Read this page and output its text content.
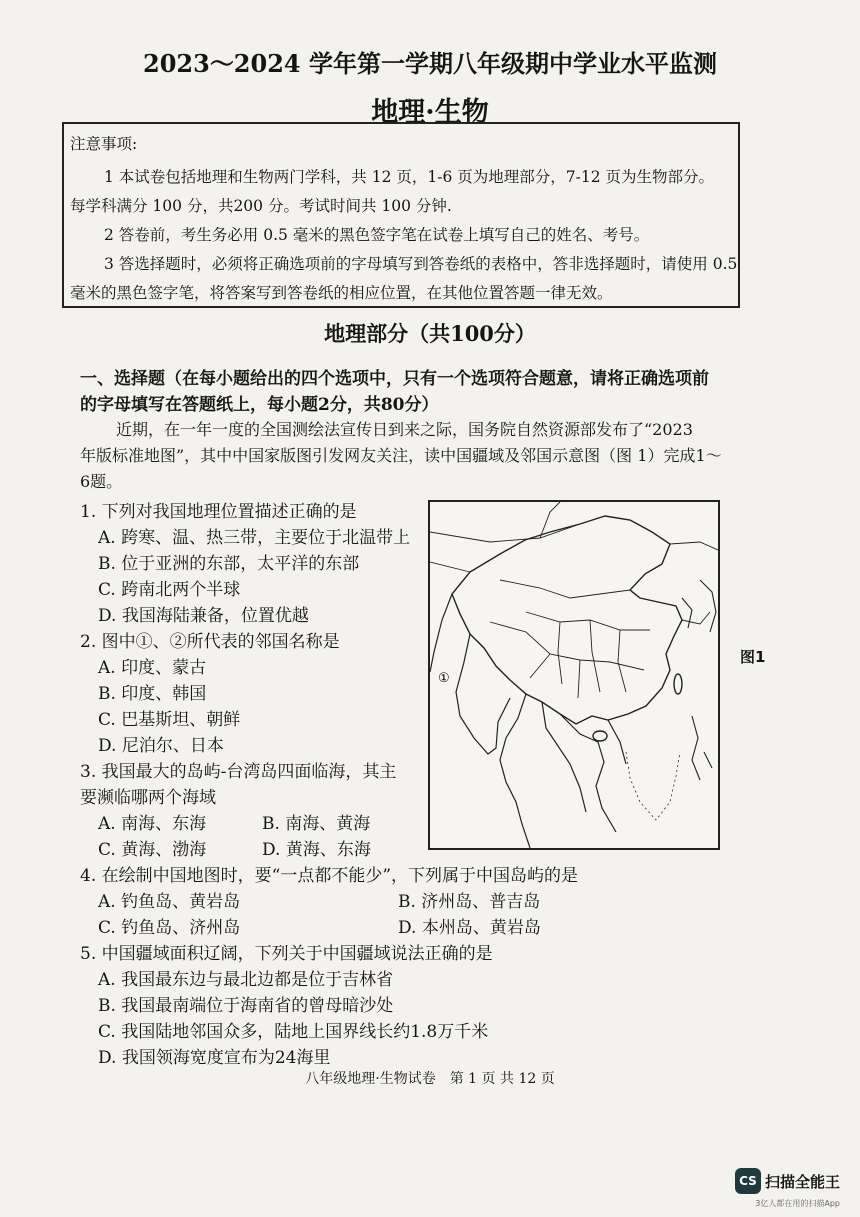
2023～2024 学年第一学期八年级期中学业水平监测
地理·生物
注意事项:
1 本试卷包括地理和生物两门学科，共 12 页，1-6 页为地理部分，7-12 页为生物部分。
每学科满分 100 分，共200 分。考试时间共 100 分钟.
2 答卷前，考生务必用 0.5 毫米的黑色签字笔在试卷上填写自己的姓名、考号。
3 答选择题时，必须将正确选项前的字母填写到答卷纸的表格中，答非选择题时，请使用 0.5
毫米的黑色签字笔，将答案写到答卷纸的相应位置，在其他位置答题一律无效。
地理部分（共100分）
一、选择题（在每小题给出的四个选项中，只有一个选项符合题意，请将正确选项前
的字母填写在答题纸上，每小题2分，共80分）
近期，在一年一度的全国测绘法宣传日到来之际，国务院自然资源部发布了“2023
年版标准地图”，其中中国家版图引发网友关注，读中国疆域及邻国示意图（图 1）完成1～
6题。
1. 下列对我国地理位置描述正确的是
A. 跨寒、温、热三带，主要位于北温带上
B. 位于亚洲的东部，太平洋的东部
C. 跨南北两个半球
D. 我国海陆兼备，位置优越
2. 图中①、②所代表的邻国名称是
A. 印度、蒙古
B. 印度、韩国
C. 巴基斯坦、朝鲜
D. 尼泊尔、日本
3. 我国最大的岛屿-台湾岛四面临海，其主
要濒临哪两个海域
A. 南海、东海	B. 南海、黄海
C. 黄海、渤海	D. 黄海、东海
①
图1
4. 在绘制中国地图时，要“一点都不能少”，下列属于中国岛屿的是
A. 钓鱼岛、黄岩岛	B. 济州岛、普吉岛
C. 钓鱼岛、济州岛	D. 本州岛、黄岩岛
5. 中国疆域面积辽阔，下列关于中国疆域说法正确的是
A. 我国最东边与最北边都是位于吉林省
B. 我国最南端位于海南省的曾母暗沙处
C. 我国陆地邻国众多，陆地上国界线长约1.8万千米
D. 我国领海宽度宣布为24海里
八年级地理·生物试卷　第 1 页 共 12 页
CS 扫描全能王
3亿人都在用的扫描App
